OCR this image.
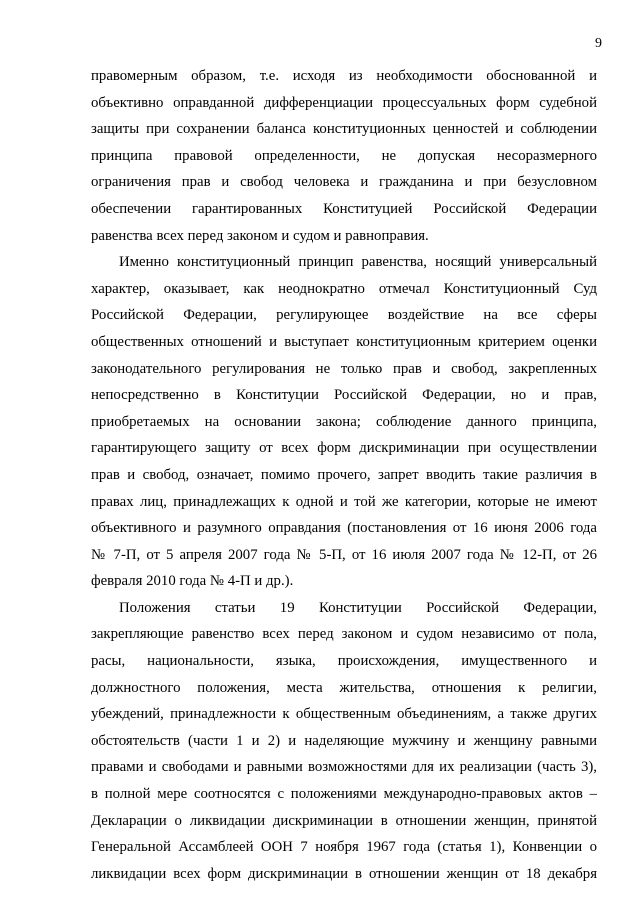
9
правомерным образом, т.е. исходя из необходимости обоснованной и
объективно оправданной дифференциации процессуальных форм судебной
защиты при сохранении баланса конституционных ценностей и соблюдении
принципа правовой определенности, не допуская несоразмерного
ограничения прав и свобод человека и гражданина и при безусловном
обеспечении гарантированных Конституцией Российской Федерации
равенства всех перед законом и судом и равноправия.
Именно конституционный принцип равенства, носящий универсальный
характер, оказывает, как неоднократно отмечал Конституционный Суд
Российской Федерации, регулирующее воздействие на все сферы
общественных отношений и выступает конституционным критерием оценки
законодательного регулирования не только прав и свобод, закрепленных
непосредственно в Конституции Российской Федерации, но и прав,
приобретаемых на основании закона; соблюдение данного принципа,
гарантирующего защиту от всех форм дискриминации при осуществлении
прав и свобод, означает, помимо прочего, запрет вводить такие различия в
правах лиц, принадлежащих к одной и той же категории, которые не имеют
объективного и разумного оправдания (постановления от 16 июня 2006 года
№ 7-П, от 5 апреля 2007 года № 5-П, от 16 июля 2007 года № 12-П, от 26
февраля 2010 года № 4-П и др.).
Положения статьи 19 Конституции Российской Федерации,
закрепляющие равенство всех перед законом и судом независимо от пола,
расы, национальности, языка, происхождения, имущественного и
должностного положения, места жительства, отношения к религии,
убеждений, принадлежности к общественным объединениям, а также других
обстоятельств (части 1 и 2) и наделяющие мужчину и женщину равными
правами и свободами и равными возможностями для их реализации (часть 3),
в полной мере соотносятся с положениями международно-правовых актов –
Декларации о ликвидации дискриминации в отношении женщин, принятой
Генеральной Ассамблеей ООН 7 ноября 1967 года (статья 1), Конвенции о
ликвидации всех форм дискриминации в отношении женщин от 18 декабря
